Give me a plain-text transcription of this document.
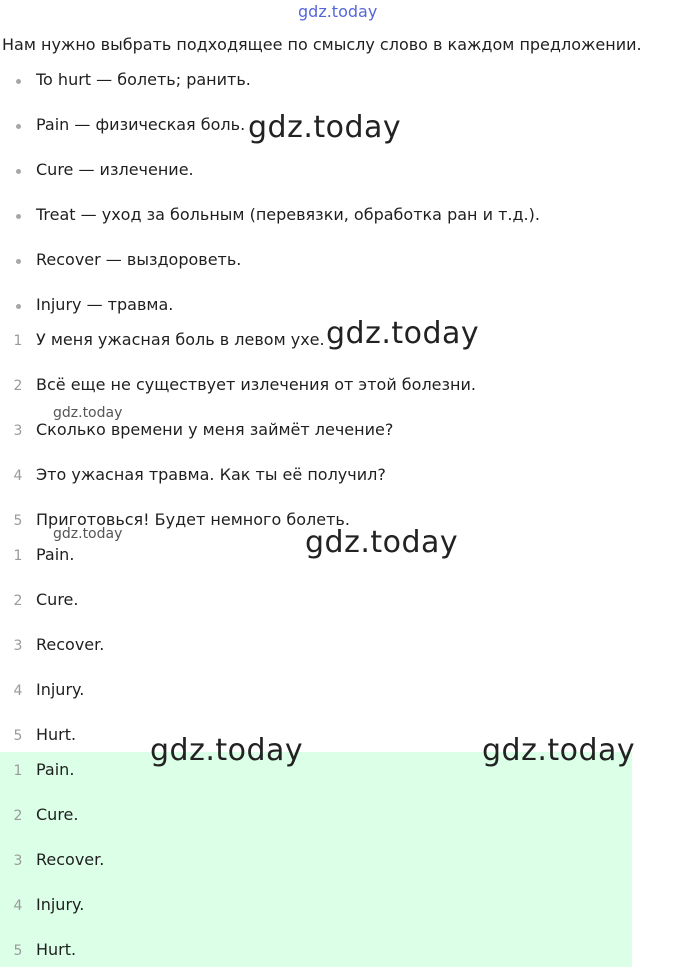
gdz.today
Нам нужно выбрать подходящее по смыслу слово в каждом предложении.
To hurt — болеть; ранить.
Pain — физическая боль.
Cure — излечение.
Treat — уход за больным (перевязки, обработка ран и т.д.).
Recover — выздороветь.
Injury — травма.
1 У меня ужасная боль в левом ухе.
2 Всё еще не существует излечения от этой болезни.
3 Сколько времени у меня займёт лечение?
4 Это ужасная травма. Как ты её получил?
5 Приготовься! Будет немного болеть.
1 Pain.
2 Cure.
3 Recover.
4 Injury.
5 Hurt.
1 Pain.
2 Cure.
3 Recover.
4 Injury.
5 Hurt.
gdz.today
gdz.today
gdz.today
gdz.today	gdz.today
gdz.today	gdz.today
